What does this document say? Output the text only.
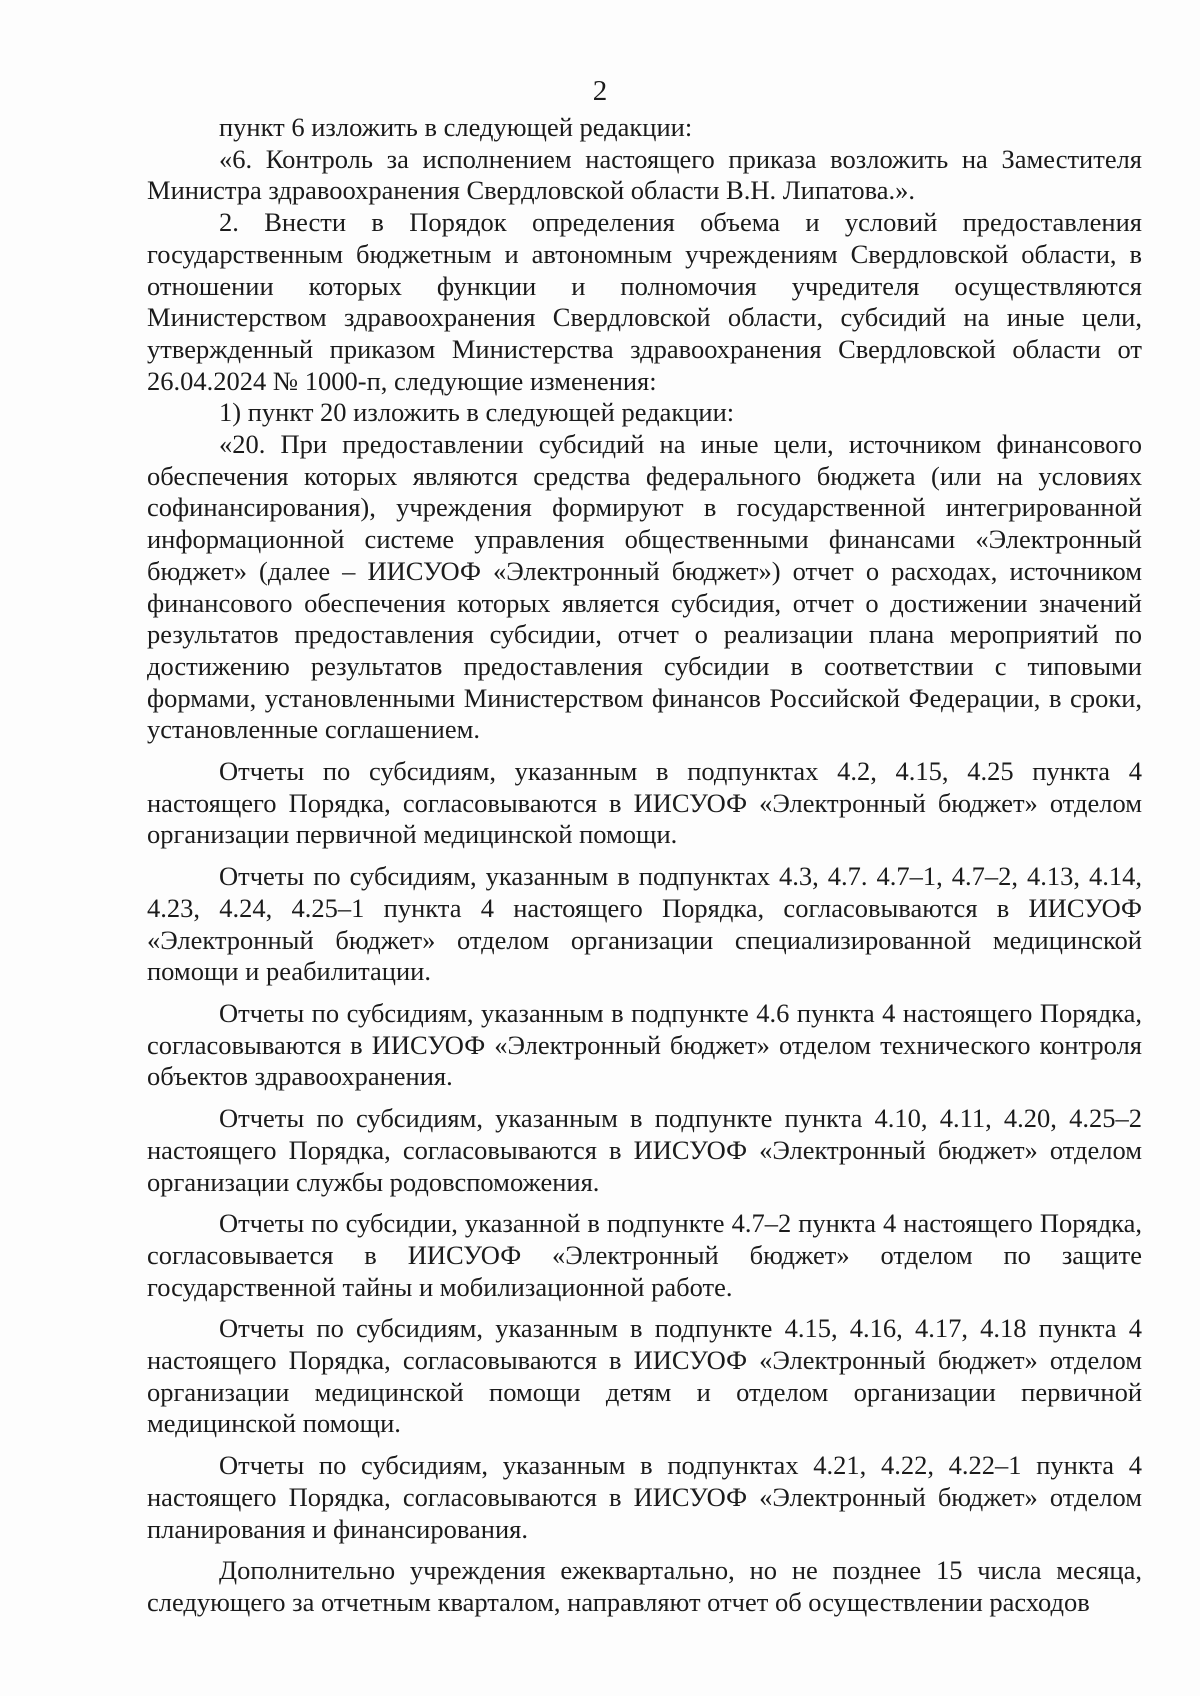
2

пункт 6 изложить в следующей редакции:

«6. Контроль за исполнением настоящего приказа возложить на Заместителя Министра здравоохранения Свердловской области В.Н. Липатова.».

2. Внести в Порядок определения объема и условий предоставления государственным бюджетным и автономным учреждениям Свердловской области, в отношении которых функции и полномочия учредителя осуществляются Министерством здравоохранения Свердловской области, субсидий на иные цели, утвержденный приказом Министерства здравоохранения Свердловской области от 26.04.2024 № 1000-п, следующие изменения:

1) пункт 20 изложить в следующей редакции:

«20. При предоставлении субсидий на иные цели, источником финансового обеспечения которых являются средства федерального бюджета (или на условиях софинансирования), учреждения формируют в государственной интегрированной информационной системе управления общественными финансами «Электронный бюджет» (далее – ИИСУОФ «Электронный бюджет») отчет о расходах, источником финансового обеспечения которых является субсидия, отчет о достижении значений результатов предоставления субсидии, отчет о реализации плана мероприятий по достижению результатов предоставления субсидии в соответствии с типовыми формами, установленными Министерством финансов Российской Федерации, в сроки, установленные соглашением.

Отчеты по субсидиям, указанным в подпунктах 4.2, 4.15, 4.25 пункта 4 настоящего Порядка, согласовываются в ИИСУОФ «Электронный бюджет» отделом организации первичной медицинской помощи.

Отчеты по субсидиям, указанным в подпунктах 4.3, 4.7. 4.7–1, 4.7–2, 4.13, 4.14, 4.23, 4.24, 4.25–1 пункта 4 настоящего Порядка, согласовываются в ИИСУОФ «Электронный бюджет» отделом организации специализированной медицинской помощи и реабилитации.

Отчеты по субсидиям, указанным в подпункте 4.6 пункта 4 настоящего Порядка, согласовываются в ИИСУОФ «Электронный бюджет» отделом технического контроля объектов здравоохранения.

Отчеты по субсидиям, указанным в подпункте пункта 4.10, 4.11, 4.20, 4.25–2 настоящего Порядка, согласовываются в ИИСУОФ «Электронный бюджет» отделом организации службы родовспоможения.

Отчеты по субсидии, указанной в подпункте 4.7–2 пункта 4 настоящего Порядка, согласовывается в ИИСУОФ «Электронный бюджет» отделом по защите государственной тайны и мобилизационной работе.

Отчеты по субсидиям, указанным в подпункте 4.15, 4.16, 4.17, 4.18 пункта 4 настоящего Порядка, согласовываются в ИИСУОФ «Электронный бюджет» отделом организации медицинской помощи детям и отделом организации первичной медицинской помощи.

Отчеты по субсидиям, указанным в подпунктах 4.21, 4.22, 4.22–1 пункта 4 настоящего Порядка, согласовываются в ИИСУОФ «Электронный бюджет» отделом планирования и финансирования.

Дополнительно учреждения ежеквартально, но не позднее 15 числа месяца, следующего за отчетным кварталом, направляют отчет об осуществлении расходов
